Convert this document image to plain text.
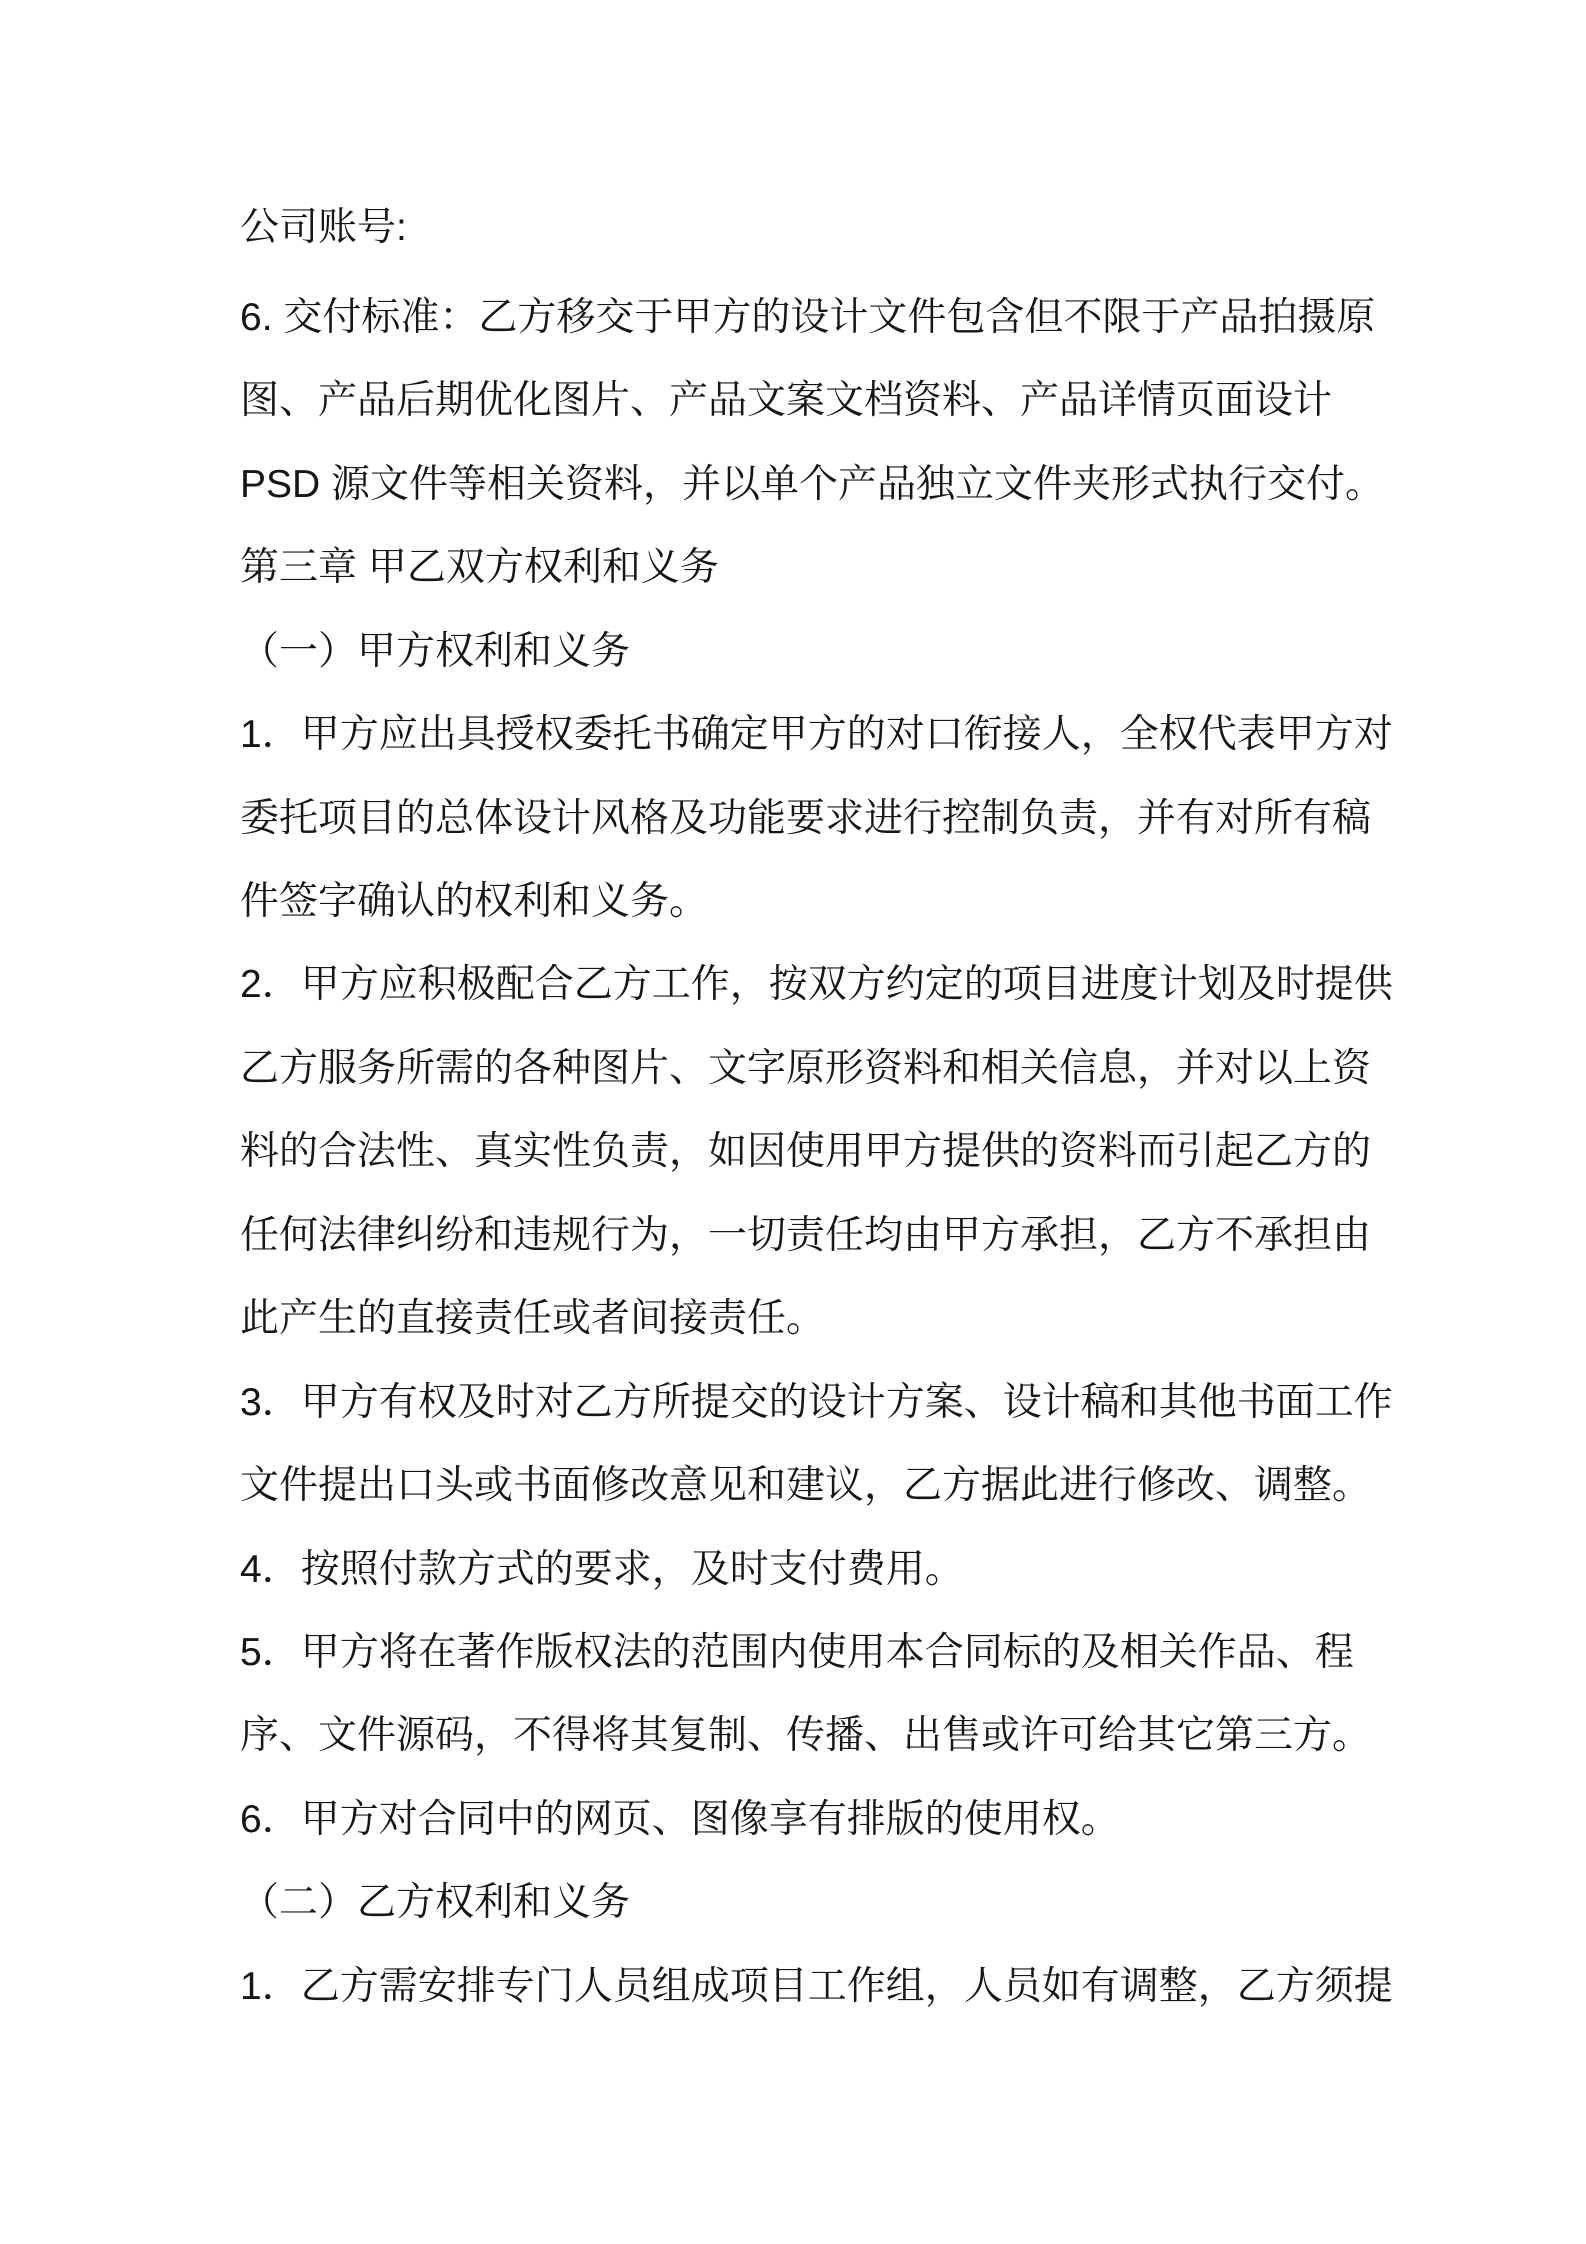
公司账号:
6. 交付标准：乙方移交于甲方的设计文件包含但不限于产品拍摄原
图、产品后期优化图片、产品文案文档资料、产品详情页面设计
PSD 源文件等相关资料，并以单个产品独立文件夹形式执行交付。
第三章 甲乙双方权利和义务
（一）甲方权利和义务
1．甲方应出具授权委托书确定甲方的对口衔接人，全权代表甲方对
委托项目的总体设计风格及功能要求进行控制负责，并有对所有稿
件签字确认的权利和义务。
2．甲方应积极配合乙方工作，按双方约定的项目进度计划及时提供
乙方服务所需的各种图片、文字原形资料和相关信息，并对以上资
料的合法性、真实性负责，如因使用甲方提供的资料而引起乙方的
任何法律纠纷和违规行为，一切责任均由甲方承担，乙方不承担由
此产生的直接责任或者间接责任。
3．甲方有权及时对乙方所提交的设计方案、设计稿和其他书面工作
文件提出口头或书面修改意见和建议，乙方据此进行修改、调整。
4．按照付款方式的要求，及时支付费用。
5．甲方将在著作版权法的范围内使用本合同标的及相关作品、程
序、文件源码，不得将其复制、传播、出售或许可给其它第三方。
6．甲方对合同中的网页、图像享有排版的使用权。
（二）乙方权利和义务
1．乙方需安排专门人员组成项目工作组，人员如有调整，乙方须提
